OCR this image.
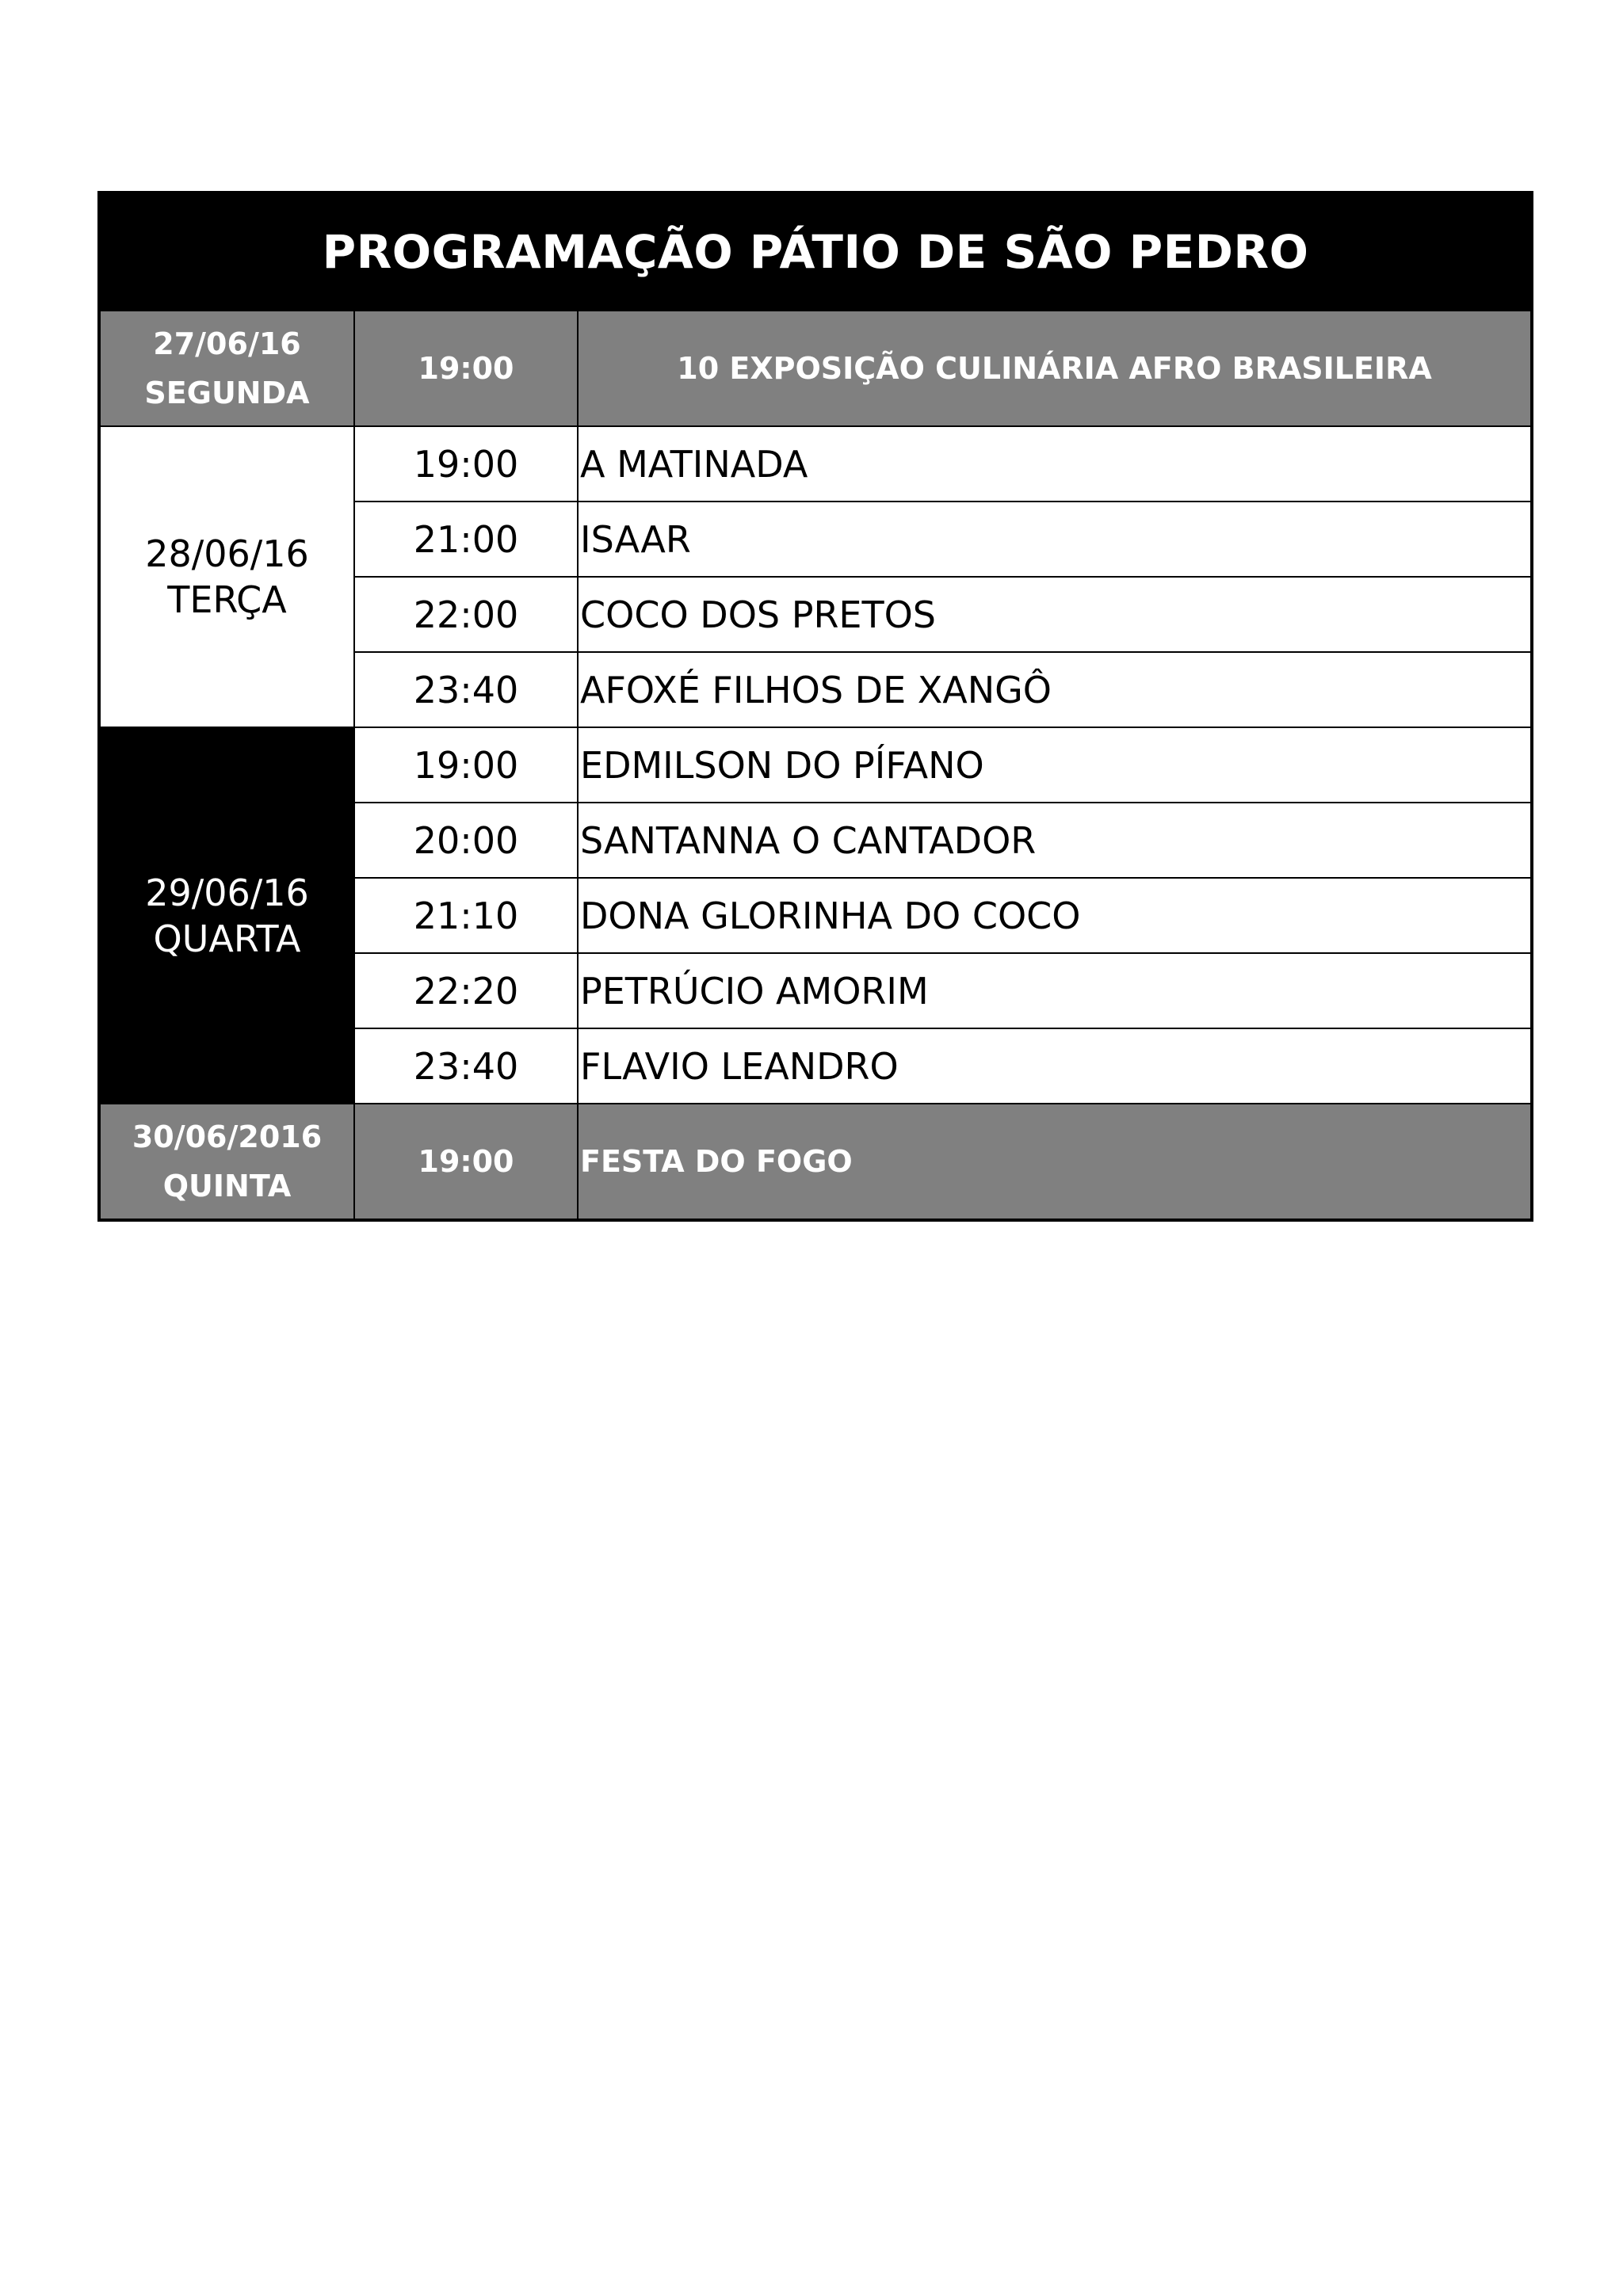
PROGRAMAÇÃO PÁTIO DE SÃO PEDRO		

27/06/16
SEGUNDA	19:00	10 EXPOSIÇÃO CULINÁRIA AFRO BRASILEIRA

28/06/16
TERÇA	19:00	A MATINADA
	21:00	ISAAR
	22:00	COCO DOS PRETOS
	23:40	AFOXÉ FILHOS DE XANGÔ

29/06/16
QUARTA	19:00	EDMILSON DO PÍFANO
	20:00	SANTANNA O CANTADOR
	21:10	DONA GLORINHA DO COCO
	22:20	PETRÚCIO AMORIM
	23:40	FLAVIO LEANDRO

30/06/2016
QUINTA	19:00	FESTA DO FOGO
